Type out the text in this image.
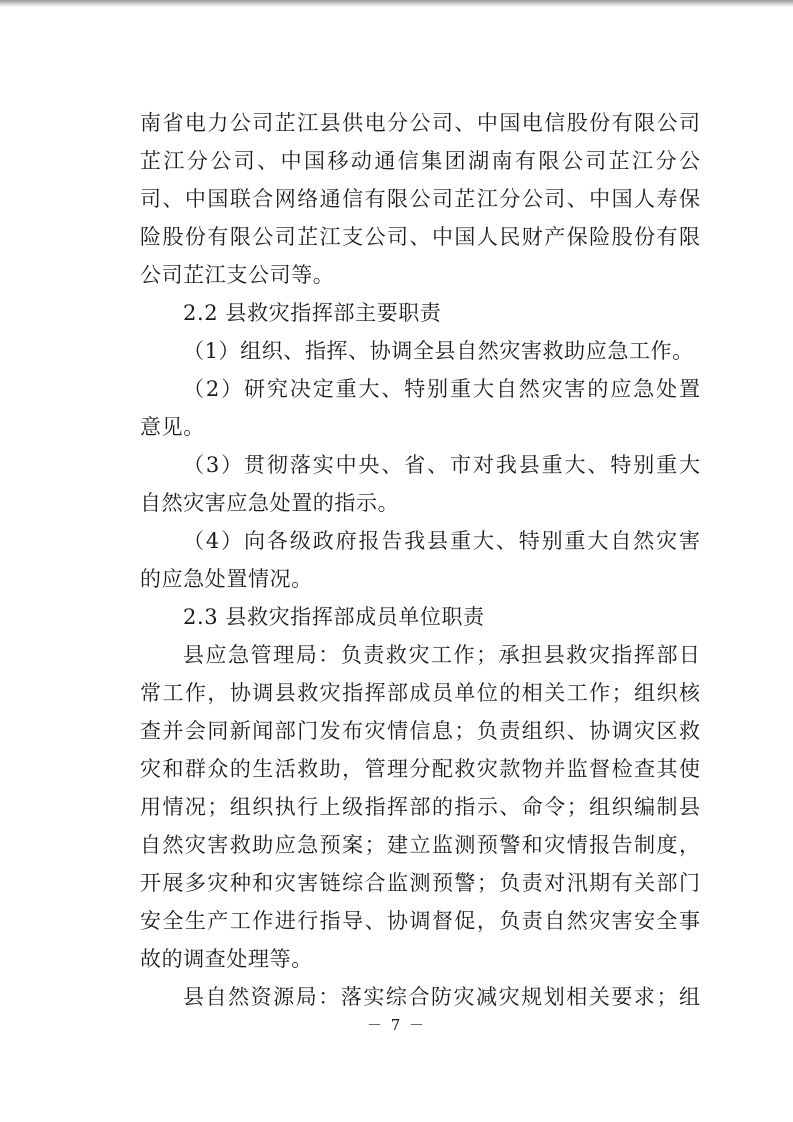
南省电力公司芷江县供电分公司、中国电信股份有限公司
芷江分公司、中国移动通信集团湖南有限公司芷江分公
司、中国联合网络通信有限公司芷江分公司、中国人寿保
险股份有限公司芷江支公司、中国人民财产保险股份有限
公司芷江支公司等。
2.2 县救灾指挥部主要职责
（1）组织、指挥、协调全县自然灾害救助应急工作。
（2）研究决定重大、特别重大自然灾害的应急处置
意见。
（3）贯彻落实中央、省、市对我县重大、特别重大
自然灾害应急处置的指示。
（4）向各级政府报告我县重大、特别重大自然灾害
的应急处置情况。
2.3 县救灾指挥部成员单位职责
县应急管理局：负责救灾工作；承担县救灾指挥部日
常工作，协调县救灾指挥部成员单位的相关工作；组织核
查并会同新闻部门发布灾情信息；负责组织、协调灾区救
灾和群众的生活救助，管理分配救灾款物并监督检查其使
用情况；组织执行上级指挥部的指示、命令；组织编制县
自然灾害救助应急预案；建立监测预警和灾情报告制度，
开展多灾种和灾害链综合监测预警；负责对汛期有关部门
安全生产工作进行指导、协调督促，负责自然灾害安全事
故的调查处理等。
县自然资源局：落实综合防灾减灾规划相关要求；组
－ 7 －
